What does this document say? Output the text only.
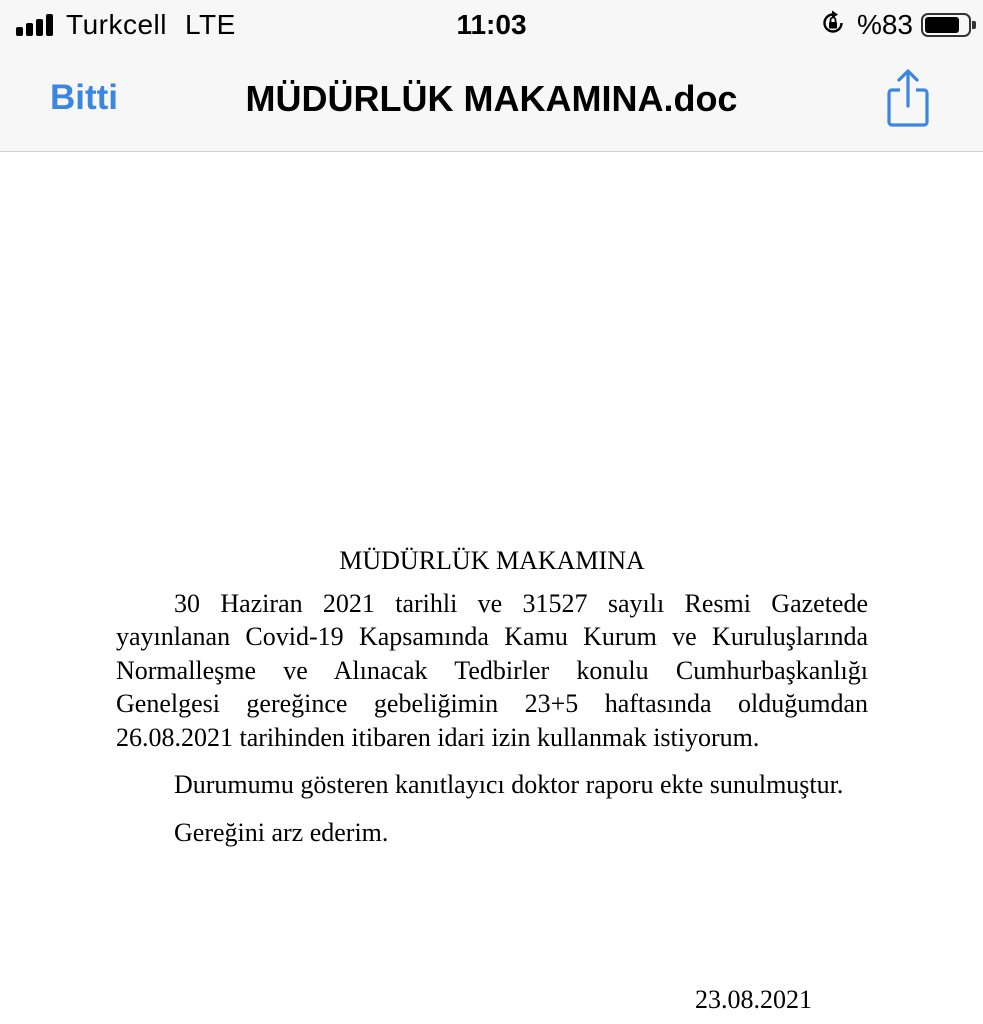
Turkcell LTE	11:03	%83
Bitti	MÜDÜRLÜK MAKAMINA.doc
MÜDÜRLÜK MAKAMINA

30 Haziran 2021 tarihli ve 31527 sayılı Resmi Gazetede yayınlanan Covid-19 Kapsamında Kamu Kurum ve Kuruluşlarında Normalleşme ve Alınacak Tedbirler konulu Cumhurbaşkanlığı Genelgesi gereğince gebeliğimin 23+5 haftasında olduğumdan 26.08.2021 tarihinden itibaren idari izin kullanmak istiyorum.

Durumumu gösteren kanıtlayıcı doktor raporu ekte sunulmuştur.

Gereğini arz ederim.

23.08.2021
